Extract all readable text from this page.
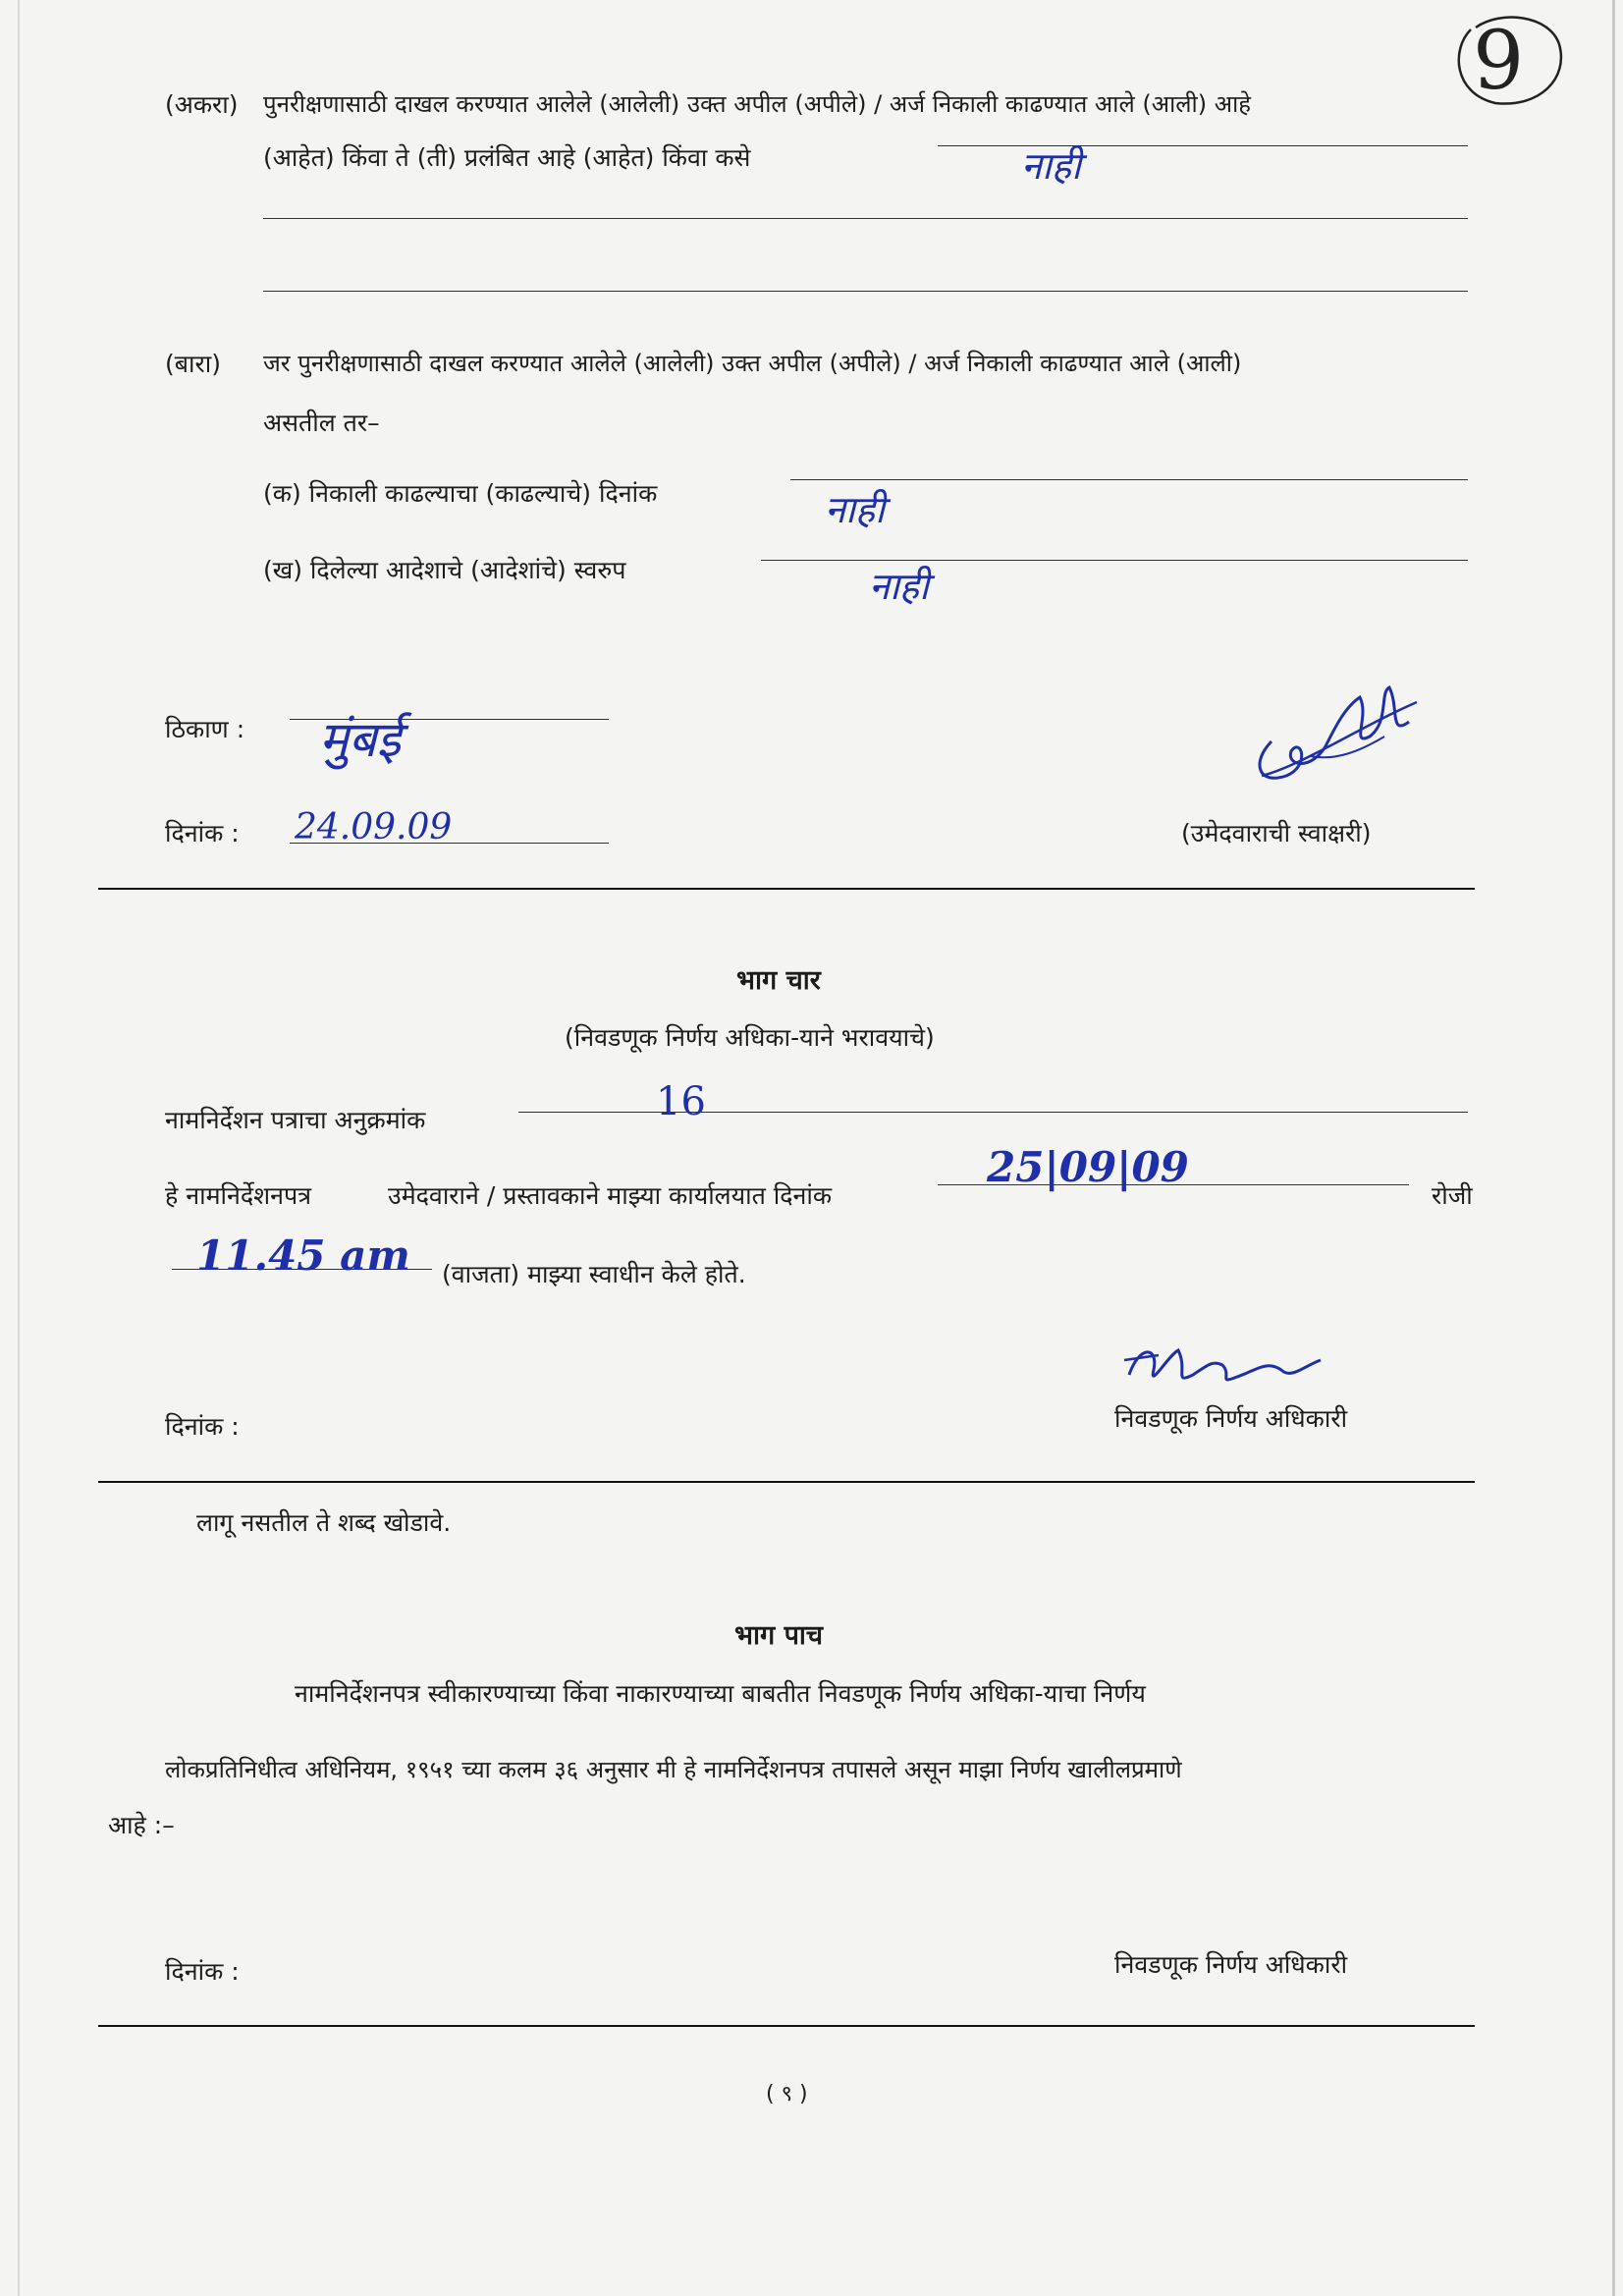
9
(अकरा) पुनरीक्षणासाठी दाखल करण्यात आलेले (आलेली) उक्त अपील (अपीले) / अर्ज निकाली काढण्यात आले (आली) आहे
(आहेत) किंवा ते (ती) प्रलंबित आहे (आहेत) किंवा कसे	नाही
(बारा) जर पुनरीक्षणासाठी दाखल करण्यात आलेले (आलेली) उक्त अपील (अपीले) / अर्ज निकाली काढण्यात आले (आली)
असतील तर–
(क) निकाली काढल्याचा (काढल्याचे) दिनांक	नाही
(ख) दिलेल्या आदेशाचे (आदेशांचे) स्वरुप	नाही
ठिकाण : मुंबई
दिनांक : 24.09.09	(उमेदवाराची स्वाक्षरी)
भाग चार
(निवडणूक निर्णय अधिका-याने भरावयाचे)
नामनिर्देशन पत्राचा अनुक्रमांक	16
हे नामनिर्देशनपत्र	उमेदवाराने / प्रस्तावकाने माझ्या कार्यालयात दिनांक
25|09|09
रोजी
11.45 am (वाजता) माझ्या स्वाधीन केले होते.
दिनांक :	निवडणूक निर्णय अधिकारी
लागू नसतील ते शब्द खोडावे.
भाग पाच
नामनिर्देशनपत्र स्वीकारण्याच्या किंवा नाकारण्याच्या बाबतीत निवडणूक निर्णय अधिका-याचा निर्णय
लोकप्रतिनिधीत्व अधिनियम, १९५१ च्या कलम ३६ अनुसार मी हे नामनिर्देशनपत्र तपासले असून माझा निर्णय खालीलप्रमाणे
आहे :–
दिनांक :	निवडणूक निर्णय अधिकारी
( ९ )
